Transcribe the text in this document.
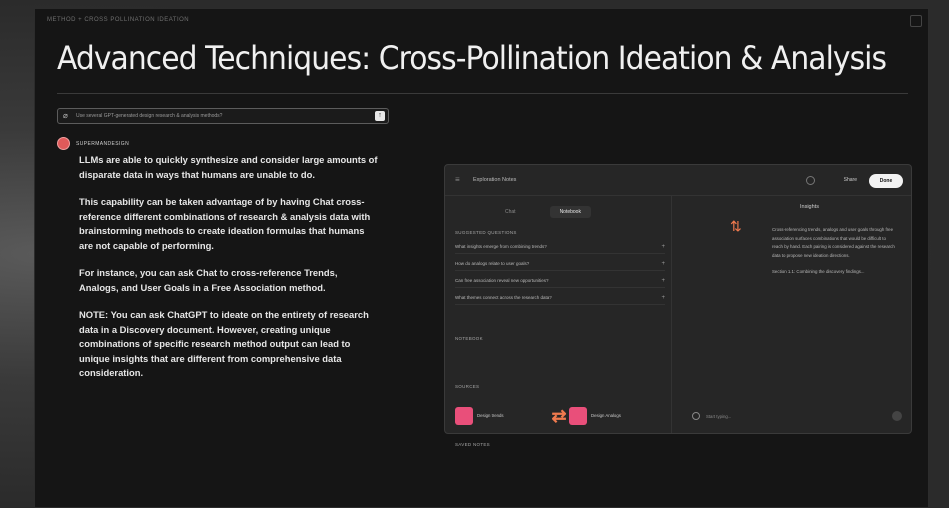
METHOD + CROSS POLLINATION IDEATION
Advanced Techniques: Cross-Pollination Ideation & Analysis
⌀	Use several GPT-generated design research & analysis methods?	↑
SUPERMANDESIGN

LLMs are able to quickly synthesize and consider large amounts of disparate data in ways that humans are unable to do.

This capability can be taken advantage of by having Chat cross-reference different combinations of research & analysis data with brainstorming methods to create ideation formulas that humans are not capable of performing.

For instance, you can ask Chat to cross-reference Trends, Analogs, and User Goals in a Free Association method.

NOTE: You can ask ChatGPT to ideate on the entirety of research data in a Discovery document. However, creating unique combinations of specific research method output can lead to unique insights that are different from comprehensive data consideration.

≡	Exploration Notes	Share	Done
Chat	Notebook
SUGGESTED QUESTIONS
What insights emerge from combining trends?	+
How do analogs relate to user goals?	+
Can free association reveal new opportunities?	+
What themes connect across the research data?	+
NOTEBOOK
SOURCES
Design trends	⇄	Design Analogs
SAVED NOTES
Insights
⇅	Cross-referencing trends, analogs and user goals through free association surfaces combinations that would be difficult to reach by hand. Each pairing is considered against the research data to propose new ideation directions.

Section 1.1: Combining the discovery findings...

Start typing...
